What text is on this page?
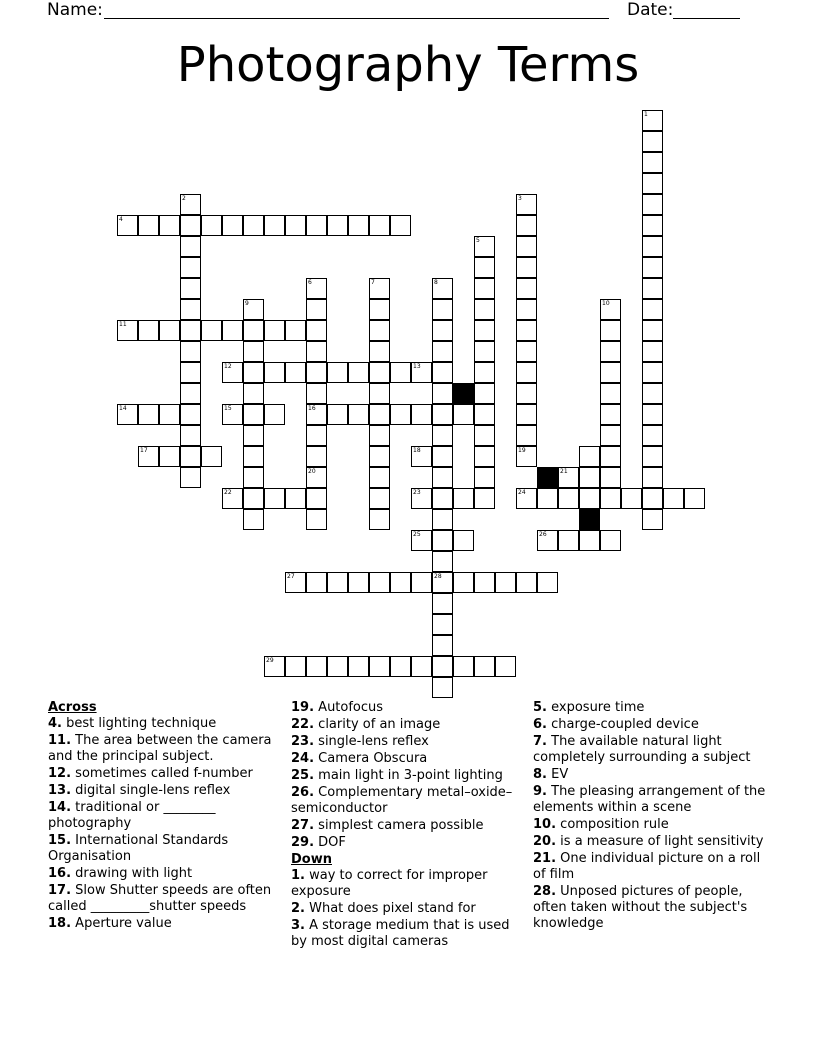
Name:	Date:
Photography Terms
4
11
12	13
14	15	16
17	18
22	23	24
25	26
27	28
29
1
2	3
5
6
20
7	8
9	10
19
21
Across
4. best lighting technique
11. The area between the camera and the principal subject.
12. sometimes called f-number
13. digital single-lens reflex
14. traditional or ________ photography
15. International Standards Organisation
16. drawing with light
17. Slow Shutter speeds are often called _________shutter speeds
18. Aperture value
19. Autofocus
22. clarity of an image
23. single-lens reflex
24. Camera Obscura
25. main light in 3-point lighting
26. Complementary metal–oxide–semiconductor
27. simplest camera possible
29. DOF
Down
1. way to correct for improper exposure
2. What does pixel stand for
3. A storage medium that is used by most digital cameras
5. exposure time
6. charge-coupled device
7. The available natural light completely surrounding a subject
8. EV
9. The pleasing arrangement of the elements within a scene
10. composition rule
20. is a measure of light sensitivity
21. One individual picture on a roll of film
28. Unposed pictures of people, often taken without the subject's knowledge
